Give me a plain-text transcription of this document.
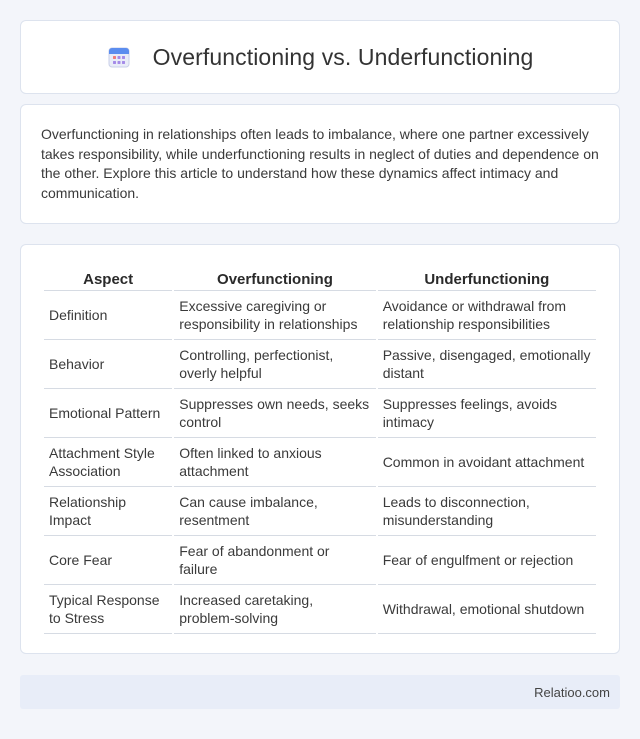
Overfunctioning vs. Underfunctioning

Overfunctioning in relationships often leads to imbalance, where one partner excessively takes responsibility, while underfunctioning results in neglect of duties and dependence on the other. Explore this article to understand how these dynamics affect intimacy and communication.

Aspect	Overfunctioning	Underfunctioning
Definition	Excessive caregiving or responsibility in relationships	Avoidance or withdrawal from relationship responsibilities
Behavior	Controlling, perfectionist, overly helpful	Passive, disengaged, emotionally distant
Emotional Pattern	Suppresses own needs, seeks control	Suppresses feelings, avoids intimacy
Attachment Style Association	Often linked to anxious attachment	Common in avoidant attachment
Relationship Impact	Can cause imbalance, resentment	Leads to disconnection, misunderstanding
Core Fear	Fear of abandonment or failure	Fear of engulfment or rejection
Typical Response to Stress	Increased caretaking, problem-solving	Withdrawal, emotional shutdown
Relatioo.com
